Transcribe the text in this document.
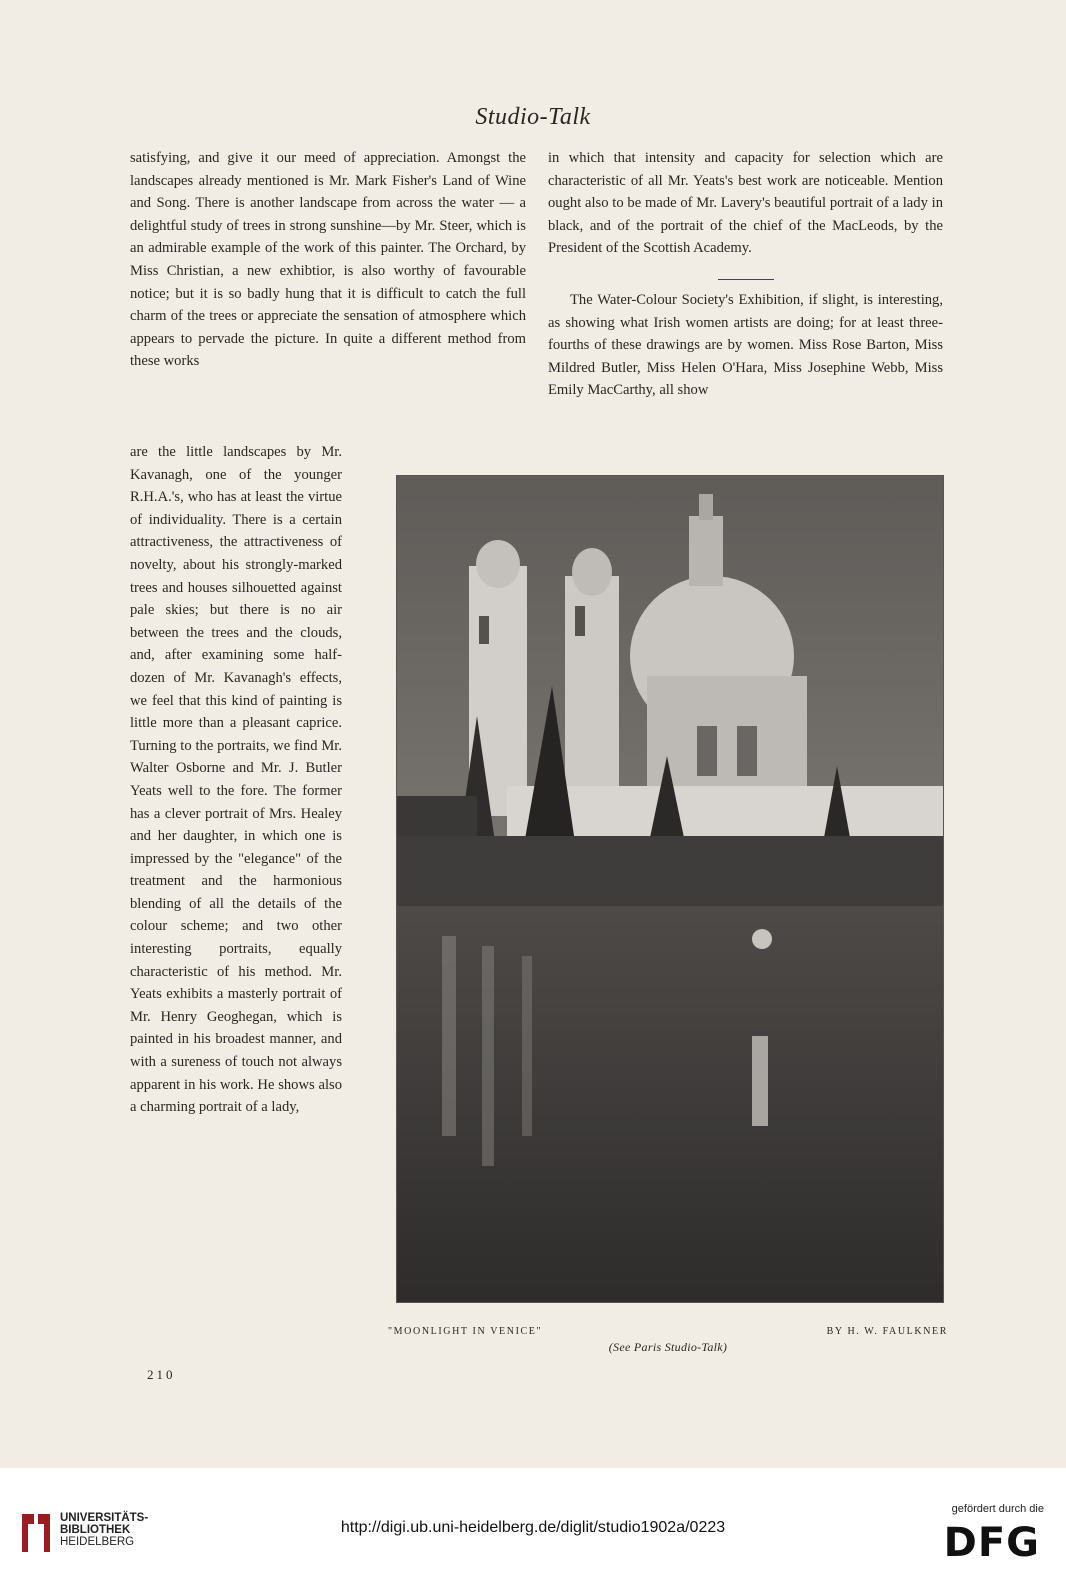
Studio-Talk

satisfying, and give it our meed of appreciation. Amongst the landscapes already mentioned is Mr. Mark Fisher's Land of Wine and Song. There is another landscape from across the water — a delightful study of trees in strong sunshine—by Mr. Steer, which is an admirable example of the work of this painter. The Orchard, by Miss Christian, a new exhibtior, is also worthy of favourable notice; but it is so badly hung that it is difficult to catch the full charm of the trees or appreciate the sensation of atmosphere which appears to pervade the picture. In quite a different method from these works

are the little landscapes by Mr. Kavanagh, one of the younger R.H.A.'s, who has at least the virtue of individuality. There is a certain attractiveness, the attractiveness of novelty, about his strongly-marked trees and houses silhouetted against pale skies; but there is no air between the trees and the clouds, and, after examining some half-dozen of Mr. Kavanagh's effects, we feel that this kind of painting is little more than a pleasant caprice. Turning to the portraits, we find Mr. Walter Osborne and Mr. J. Butler Yeats well to the fore. The former has a clever portrait of Mrs. Healey and her daughter, in which one is impressed by the "elegance" of the treatment and the harmonious blending of all the details of the colour scheme; and two other interesting portraits, equally characteristic of his method. Mr. Yeats exhibits a masterly portrait of Mr. Henry Geoghegan, which is painted in his broadest manner, and with a sureness of touch not always apparent in his work. He shows also a charming portrait of a lady,

in which that intensity and capacity for selection which are characteristic of all Mr. Yeats's best work are noticeable. Mention ought also to be made of Mr. Lavery's beautiful portrait of a lady in black, and of the portrait of the chief of the MacLeods, by the President of the Scottish Academy.

The Water-Colour Society's Exhibition, if slight, is interesting, as showing what Irish women artists are doing; for at least three-fourths of these drawings are by women. Miss Rose Barton, Miss Mildred Butler, Miss Helen O'Hara, Miss Josephine Webb, Miss Emily MacCarthy, all show

"MOONLIGHT IN VENICE"	BY H. W. FAULKNER
(See Paris Studio-Talk)
210
UNIVERSITÄTS-
BIBLIOTHEK
HEIDELBERG
http://digi.ub.uni-heidelberg.de/diglit/studio1902a/0223
gefördert durch die
DFG
